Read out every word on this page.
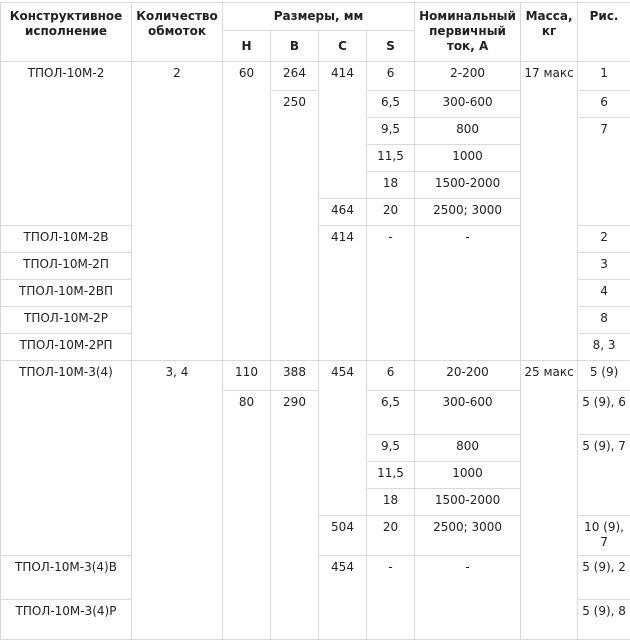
Конструктивное исполнение	Количество обмоток	Размеры, мм				Номинальный первичный ток, А	Масса, кг	Рис.	
		H	B	C	S				
ТПОЛ-10М-2	2	60	264	414	6	2-200	17 макс	1	
			250		6,5	300-600		6	
					9,5	800		7	
					11,5	1000			
					18	1500-2000			
				464	20	2500; 3000	
ТПОЛ-10М-2В				414	-	-		2	
ТПОЛ-10М-2П								3	
ТПОЛ-10М-2ВП								4	
ТПОЛ-10М-2Р								8	
ТПОЛ-10М-2РП								8, 3	
ТПОЛ-10М-3(4)	3, 4	110	388	454	6	20-200	25 макс	5 (9)	
		80	290		6,5	300-600		5 (9), 6	
					9,5	800		5 (9), 7	
					11,5	1000			
					18	1500-2000			
				504	20	2500; 3000		10 (9), 7	
ТПОЛ-10М-3(4)В				454	-	-		5 (9), 2	
ТПОЛ-10М-3(4)Р								5 (9), 8	
